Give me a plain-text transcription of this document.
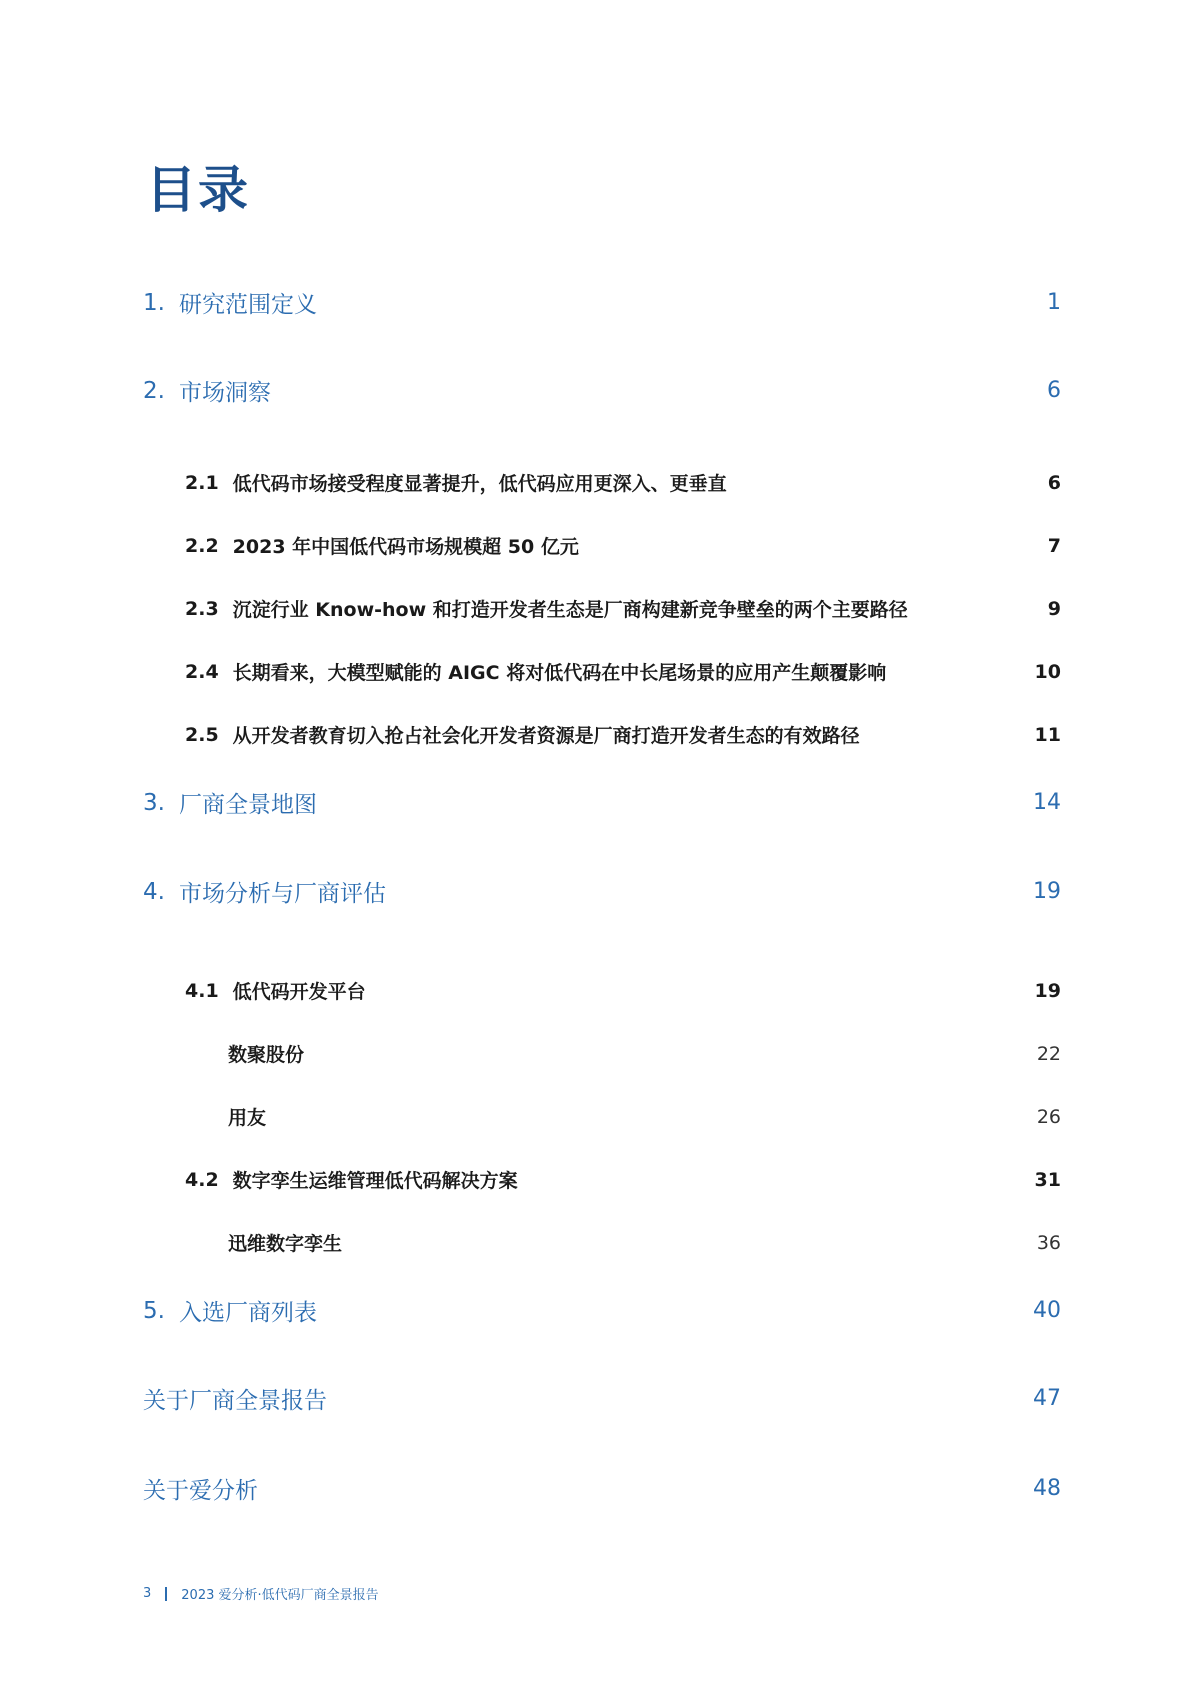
目录
1. 研究范围定义	1
2. 市场洞察	6
2.1 低代码市场接受程度显著提升，低代码应用更深入、更垂直	6
2.2 2023 年中国低代码市场规模超 50 亿元	7
2.3 沉淀行业 Know-how 和打造开发者生态是厂商构建新竞争壁垒的两个主要路径	9
2.4 长期看来，大模型赋能的 AIGC 将对低代码在中长尾场景的应用产生颠覆影响	10
2.5 从开发者教育切入抢占社会化开发者资源是厂商打造开发者生态的有效路径	11
3. 厂商全景地图	14
4. 市场分析与厂商评估	19
4.1 低代码开发平台	19
数聚股份	22
用友	26
4.2 数字孪生运维管理低代码解决方案	31
迅维数字孪生	36
5. 入选厂商列表	40
关于厂商全景报告	47
关于爱分析	48
3 2023 爱分析·低代码厂商全景报告
